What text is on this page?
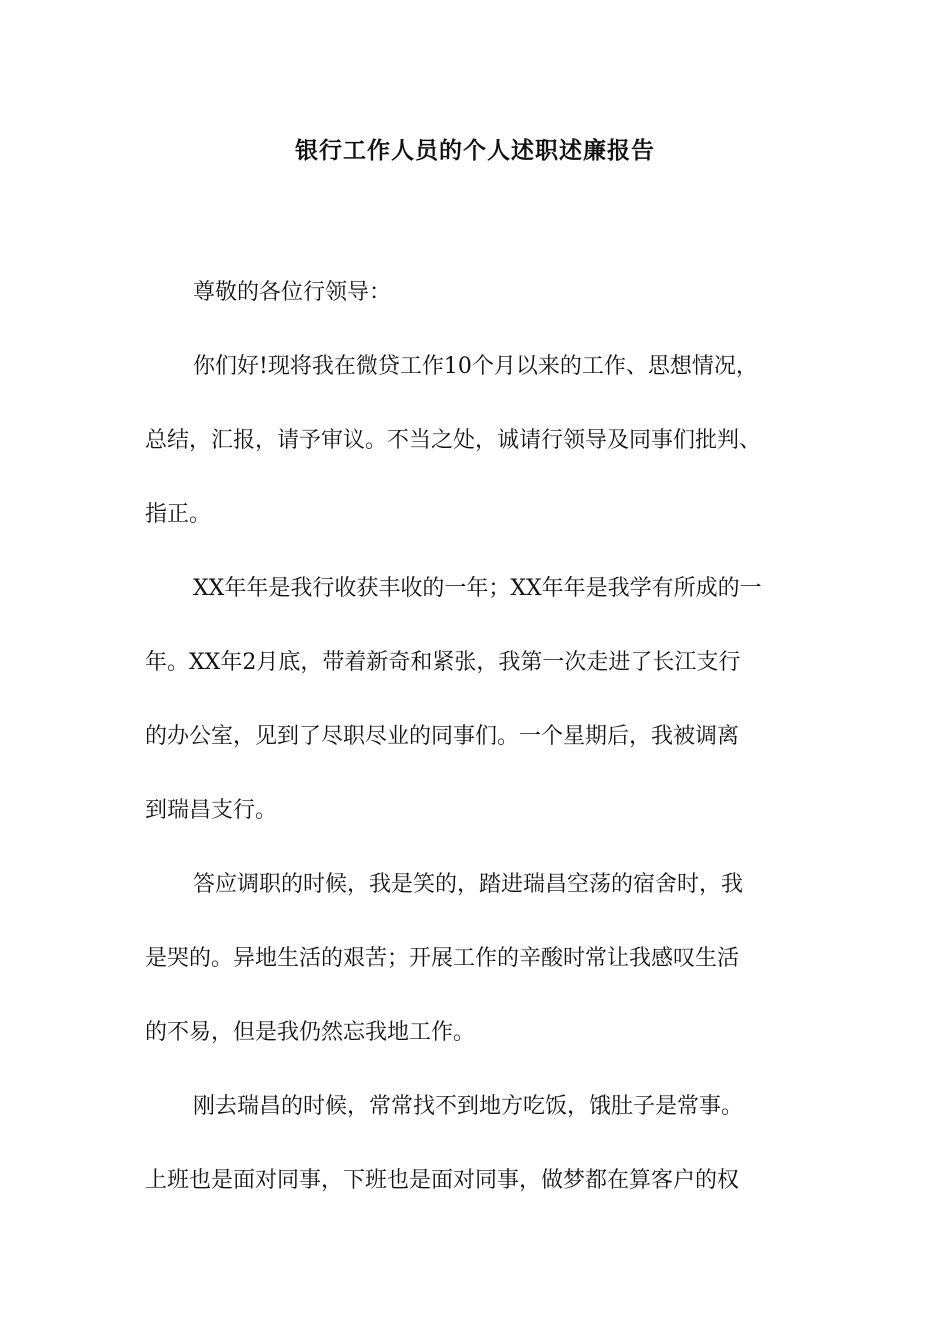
银行工作人员的个人述职述廉报告
尊敬的各位行领导：
你们好!现将我在微贷工作10个月以来的工作、思想情况，
总结，汇报，请予审议。不当之处，诚请行领导及同事们批判、
指正。
XX年年是我行收获丰收的一年；XX年年是我学有所成的一
年。XX年2月底，带着新奇和紧张，我第一次走进了长江支行
的办公室，见到了尽职尽业的同事们。一个星期后，我被调离
到瑞昌支行。
答应调职的时候，我是笑的，踏进瑞昌空荡的宿舍时，我
是哭的。异地生活的艰苦；开展工作的辛酸时常让我感叹生活
的不易，但是我仍然忘我地工作。
刚去瑞昌的时候，常常找不到地方吃饭，饿肚子是常事。
上班也是面对同事，下班也是面对同事，做梦都在算客户的权
